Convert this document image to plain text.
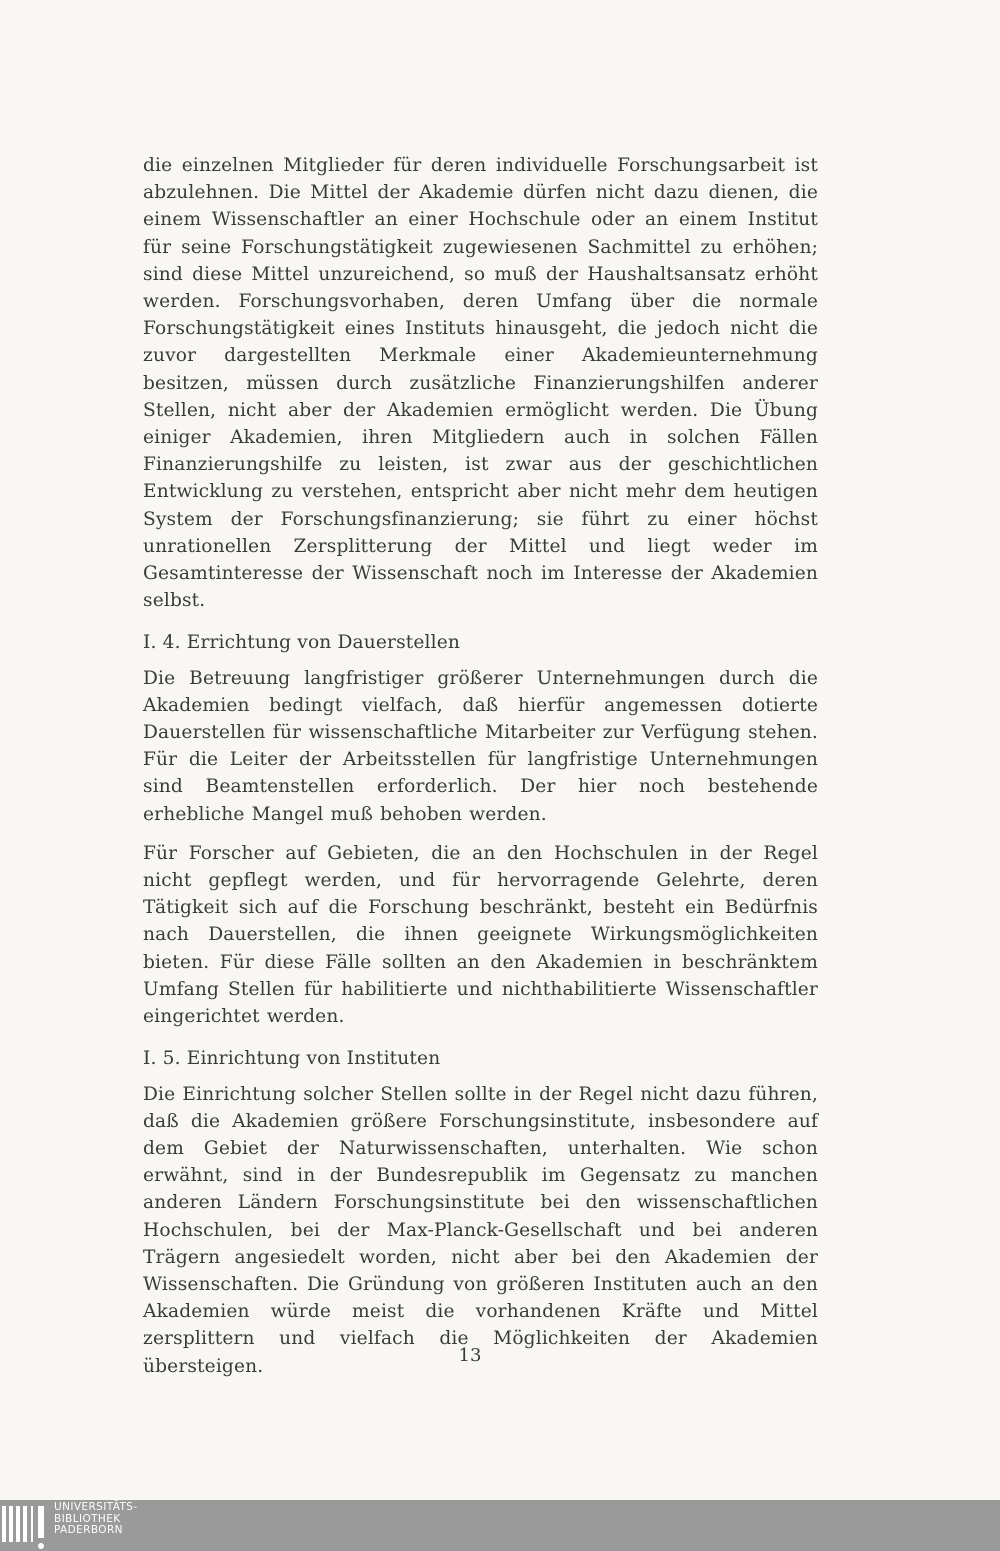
die einzelnen Mitglieder für deren individuelle Forschungsarbeit ist abzulehnen. Die Mittel der Akademie dürfen nicht dazu dienen, die einem Wissenschaftler an einer Hochschule oder an einem Institut für seine Forschungstätigkeit zugewiesenen Sachmittel zu erhöhen; sind diese Mittel unzureichend, so muß der Haushaltsansatz erhöht werden. Forschungsvorhaben, deren Umfang über die normale Forschungstätigkeit eines Instituts hinausgeht, die jedoch nicht die zuvor dargestellten Merkmale einer Akademieunternehmung besitzen, müssen durch zusätzliche Finanzierungshilfen anderer Stellen, nicht aber der Akademien ermöglicht werden. Die Übung einiger Akademien, ihren Mitgliedern auch in solchen Fällen Finanzierungshilfe zu leisten, ist zwar aus der geschichtlichen Entwicklung zu verstehen, entspricht aber nicht mehr dem heutigen System der Forschungsfinanzierung; sie führt zu einer höchst unrationellen Zersplitterung der Mittel und liegt weder im Gesamtinteresse der Wissenschaft noch im Interesse der Akademien selbst.

I. 4. Errichtung von Dauerstellen

Die Betreuung langfristiger größerer Unternehmungen durch die Akademien bedingt vielfach, daß hierfür angemessen dotierte Dauerstellen für wissenschaftliche Mitarbeiter zur Verfügung stehen. Für die Leiter der Arbeitsstellen für langfristige Unternehmungen sind Beamtenstellen erforderlich. Der hier noch bestehende erhebliche Mangel muß behoben werden.

Für Forscher auf Gebieten, die an den Hochschulen in der Regel nicht gepflegt werden, und für hervorragende Gelehrte, deren Tätigkeit sich auf die Forschung beschränkt, besteht ein Bedürfnis nach Dauerstellen, die ihnen geeignete Wirkungsmöglichkeiten bieten. Für diese Fälle sollten an den Akademien in beschränktem Umfang Stellen für habilitierte und nichthabilitierte Wissenschaftler eingerichtet werden.

I. 5. Einrichtung von Instituten

Die Einrichtung solcher Stellen sollte in der Regel nicht dazu führen, daß die Akademien größere Forschungsinstitute, insbesondere auf dem Gebiet der Naturwissenschaften, unterhalten. Wie schon erwähnt, sind in der Bundesrepublik im Gegensatz zu manchen anderen Ländern Forschungsinstitute bei den wissenschaftlichen Hochschulen, bei der Max-Planck-Gesellschaft und bei anderen Trägern angesiedelt worden, nicht aber bei den Akademien der Wissenschaften. Die Gründung von größeren Instituten auch an den Akademien würde meist die vorhandenen Kräfte und Mittel zersplittern und vielfach die Möglichkeiten der Akademien übersteigen.

13
UNIVERSITÄTS-
BIBLIOTHEK
PADERBORN
